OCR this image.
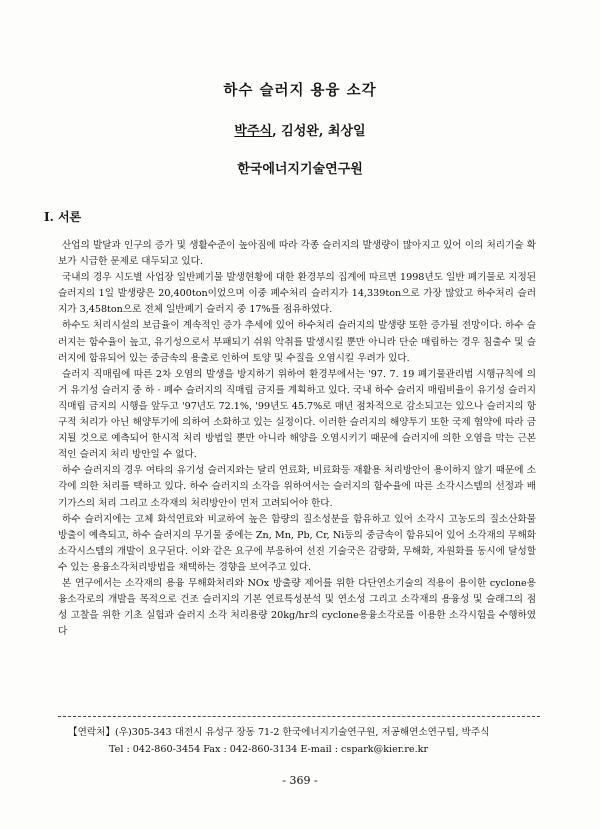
하수 슬러지 용융 소각
박주식, 김성완, 최상일
한국에너지기술연구원
I. 서론

산업의 발달과 인구의 증가 및 생활수준이 높아짐에 따라 각종 슬러지의 발생량이 많아지고 있어 이의 처리기술 확보가 시급한 문제로 대두되고 있다.

국내의 경우 시도별 사업장 일반폐기물 발생현황에 대한 환경부의 집계에 따르면 1998년도 일반 폐기물로 지정된 슬러지의 1일 발생량은 20,400ton이었으며 이중 폐수처리 슬러지가 14,339ton으로 가장 많았고 하수처리 슬러지가 3,458ton으로 전체 일반폐기 슬러지 중 17%를 점유하였다.

하수도 처리시설의 보급율이 계속적인 증가 추세에 있어 하수처리 슬러지의 발생량 또한 증가될 전망이다. 하수 슬러지는 함수율이 높고, 유기성으로서 부패되기 쉬워 악취를 발생시킬 뿐만 아니라 단순 매립하는 경우 침출수 및 슬러지에 함유되어 있는 중금속의 용출로 인하여 토양 및 수질을 오염시킬 우려가 있다.

슬러지 직매립에 따른 2차 오염의 발생을 방지하기 위하여 환경부에서는 '97. 7. 19 폐기물관리법 시행규칙에 의거 유기성 슬러지 중 하 · 폐수 슬러지의 직매립 금지를 계획하고 있다. 국내 하수 슬러지 매립비율이 유기성 슬러지 직매립 금지의 시행을 앞두고 '97년도 72.1%, '99년도 45.7%로 매년 점차적으로 감소되고는 있으나 슬러지의 항구적 처리가 아닌 해양투기에 의하여 소화하고 있는 실정이다. 이러한 슬러지의 해양투기 또한 국제 협약에 따라 금지될 것으로 예측되어 한시적 처리 방법일 뿐만 아니라 해양을 오염시키기 때문에 슬러지에 의한 오염을 막는 근본적인 슬러지 처리 방안일 수 없다.

하수 슬러지의 경우 여타의 유기성 슬러지와는 달리 연료화, 비료화등 재활용 처리방안이 용이하지 않기 때문에 소각에 의한 처리를 택하고 있다. 하수 슬러지의 소각을 위하여서는 슬러지의 함수율에 따른 소각시스템의 선정과 배기가스의 처리 그리고 소각재의 처리방안이 먼저 고려되어야 한다.

하수 슬러지에는 고체 화석연료와 비교하여 높은 함량의 질소성분을 함유하고 있어 소각시 고농도의 질소산화물 방출이 예측되고, 하수 슬러지의 무기물 중에는 Zn, Mn, Pb, Cr, Ni등의 중금속이 함유되어 있어 소각재의 무해화 소각시스템의 개발이 요구된다. 이와 같은 요구에 부응하여 선진 기술국은 감량화, 무해화, 자원화를 동시에 달성할 수 있는 용융소각처리방법을 채택하는 경향을 보여주고 있다.

본 연구에서는 소각재의 용융 무해화처리와 NOx 방출량 제어를 위한 다단연소기술의 적용이 용이한 cyclone용융소각로의 개발을 목적으로 건조 슬러지의 기본 연료특성분석 및 연소성 그리고 소각재의 용융성 및 슬래그의 점성 고찰을 위한 기초 실험과 슬러지 소각 처리용량 20kg/hr의 cyclone용융소각로를 이용한 소각시험을 수행하였다

【연락처】(우)305-343 대전시 유성구 장동 71-2 한국에너지기술연구원, 저공해연소연구팀, 박주식
Tel : 042-860-3454 Fax : 042-860-3134 E-mail : cspark@kier.re.kr
- 369 -
